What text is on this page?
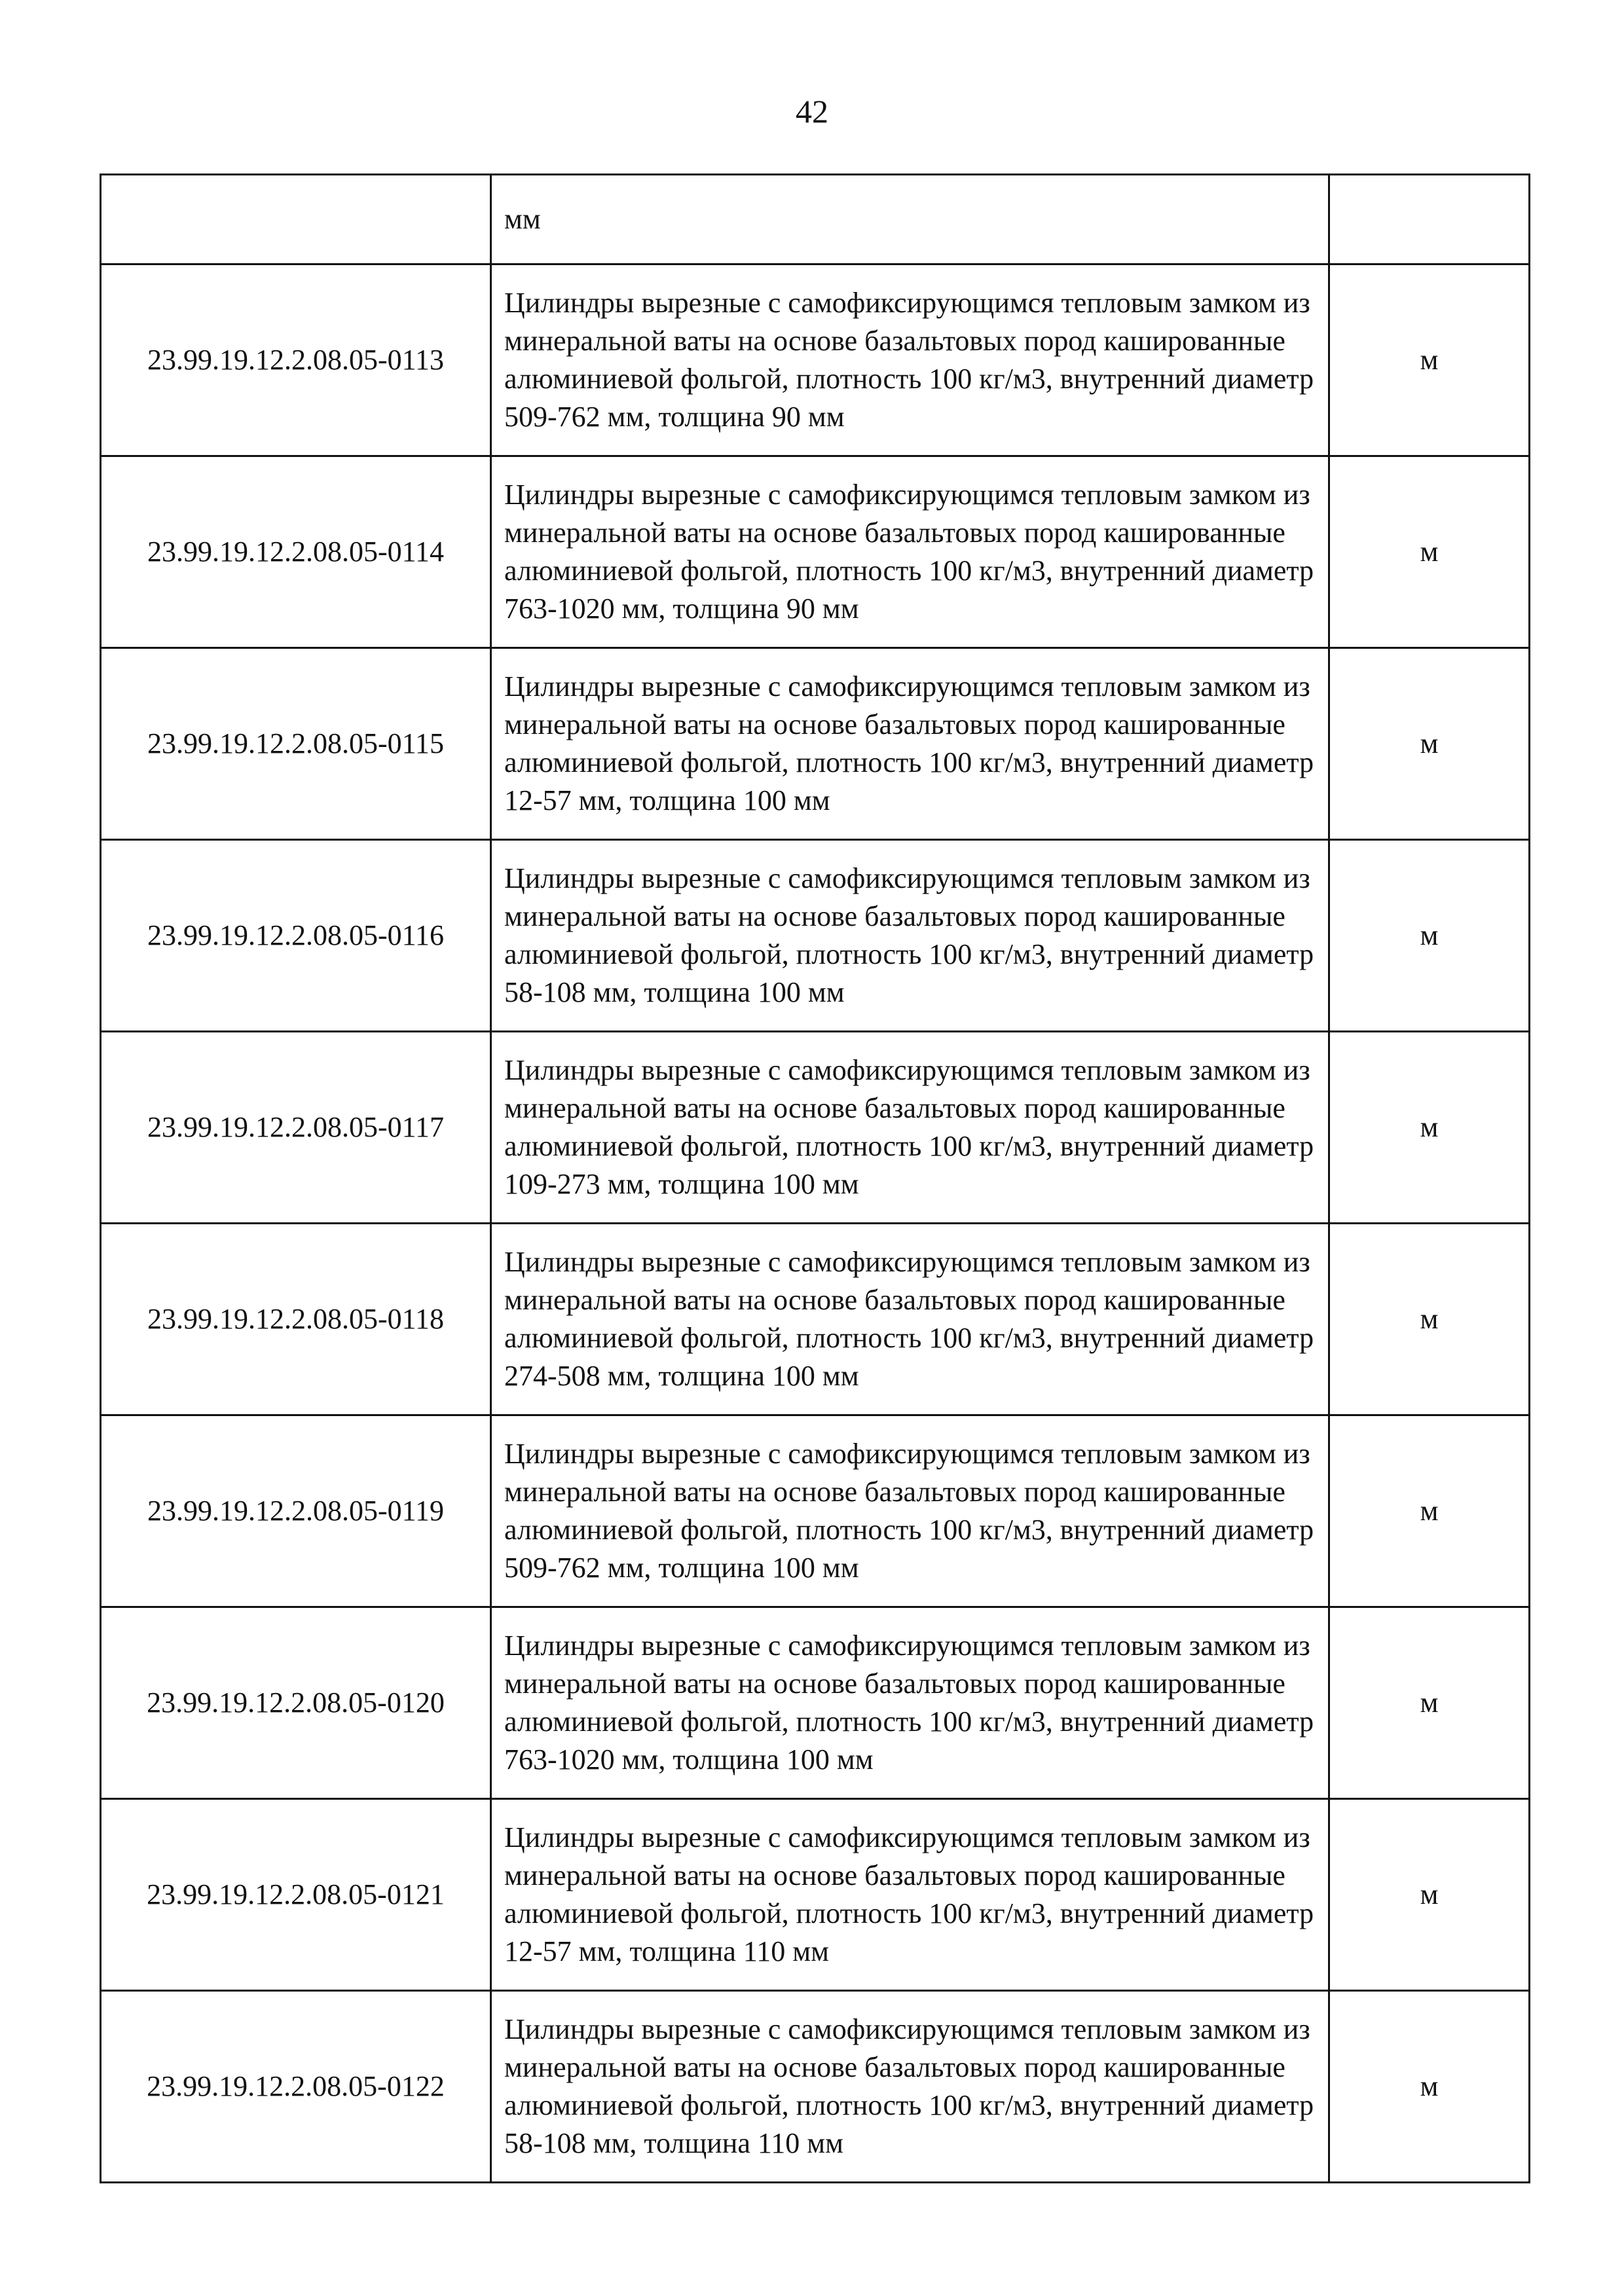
42
	мм	
23.99.19.12.2.08.05-0113	Цилиндры вырезные с самофиксирующимся тепловым замком из минеральной ваты на основе базальтовых пород кашированные алюминиевой фольгой, плотность 100 кг/м3, внутренний диаметр 509-762 мм, толщина 90 мм	м
23.99.19.12.2.08.05-0114	Цилиндры вырезные с самофиксирующимся тепловым замком из минеральной ваты на основе базальтовых пород кашированные алюминиевой фольгой, плотность 100 кг/м3, внутренний диаметр 763-1020 мм, толщина 90 мм	м
23.99.19.12.2.08.05-0115	Цилиндры вырезные с самофиксирующимся тепловым замком из минеральной ваты на основе базальтовых пород кашированные алюминиевой фольгой, плотность 100 кг/м3, внутренний диаметр 12-57 мм, толщина 100 мм	м
23.99.19.12.2.08.05-0116	Цилиндры вырезные с самофиксирующимся тепловым замком из минеральной ваты на основе базальтовых пород кашированные алюминиевой фольгой, плотность 100 кг/м3, внутренний диаметр 58-108 мм, толщина 100 мм	м
23.99.19.12.2.08.05-0117	Цилиндры вырезные с самофиксирующимся тепловым замком из минеральной ваты на основе базальтовых пород кашированные алюминиевой фольгой, плотность 100 кг/м3, внутренний диаметр 109-273 мм, толщина 100 мм	м
23.99.19.12.2.08.05-0118	Цилиндры вырезные с самофиксирующимся тепловым замком из минеральной ваты на основе базальтовых пород кашированные алюминиевой фольгой, плотность 100 кг/м3, внутренний диаметр 274-508 мм, толщина 100 мм	м
23.99.19.12.2.08.05-0119	Цилиндры вырезные с самофиксирующимся тепловым замком из минеральной ваты на основе базальтовых пород кашированные алюминиевой фольгой, плотность 100 кг/м3, внутренний диаметр 509-762 мм, толщина 100 мм	м
23.99.19.12.2.08.05-0120	Цилиндры вырезные с самофиксирующимся тепловым замком из минеральной ваты на основе базальтовых пород кашированные алюминиевой фольгой, плотность 100 кг/м3, внутренний диаметр 763-1020 мм, толщина 100 мм	м
23.99.19.12.2.08.05-0121	Цилиндры вырезные с самофиксирующимся тепловым замком из минеральной ваты на основе базальтовых пород кашированные алюминиевой фольгой, плотность 100 кг/м3, внутренний диаметр 12-57 мм, толщина 110 мм	м
23.99.19.12.2.08.05-0122	Цилиндры вырезные с самофиксирующимся тепловым замком из минеральной ваты на основе базальтовых пород кашированные алюминиевой фольгой, плотность 100 кг/м3, внутренний диаметр 58-108 мм, толщина 110 мм	м
